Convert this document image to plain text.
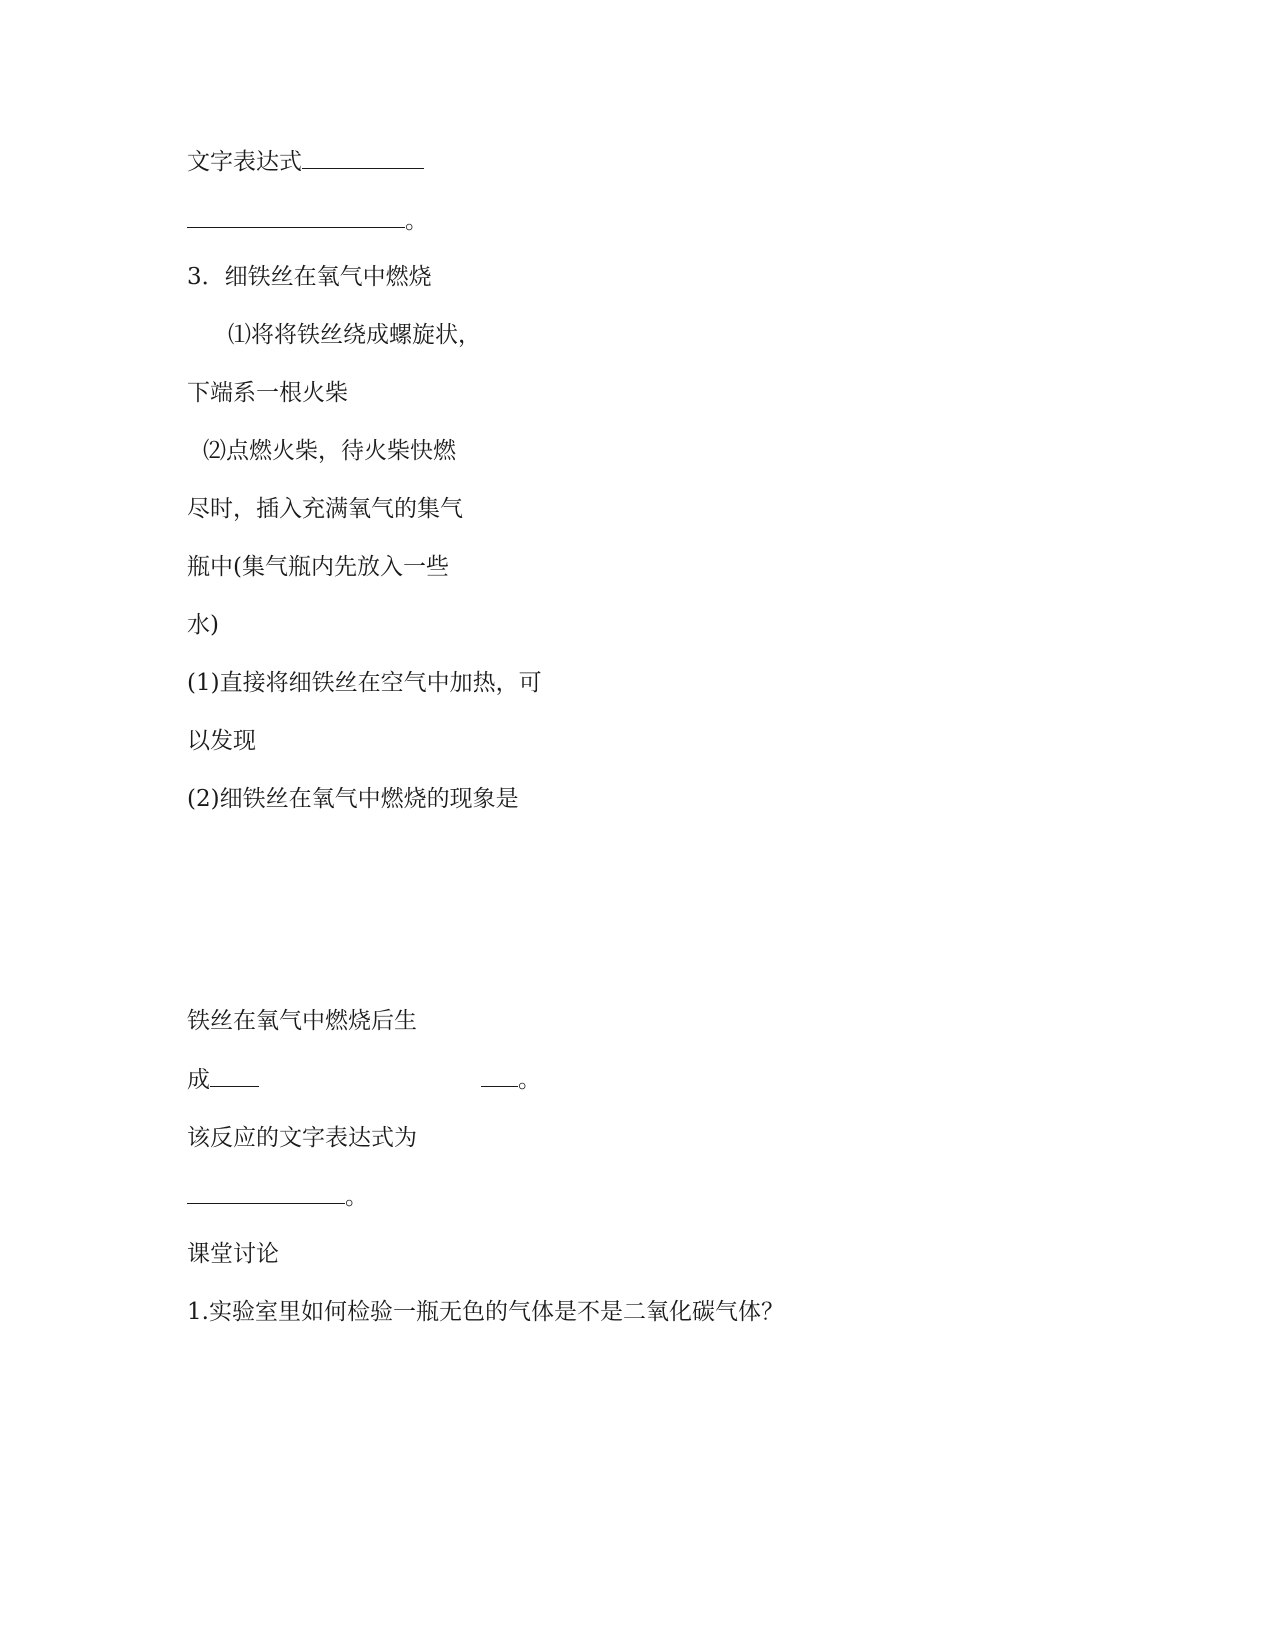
文字表达式
。
3．细铁丝在氧气中燃烧
⑴将将铁丝绕成螺旋状，
下端系一根火柴
⑵点燃火柴，待火柴快燃
尽时，插入充满氧气的集气
瓶中(集气瓶内先放入一些
水)
(1)直接将细铁丝在空气中加热，可
以发现
(2)细铁丝在氧气中燃烧的现象是
铁丝在氧气中燃烧后生
成	。
该反应的文字表达式为
。
课堂讨论
1.实验室里如何检验一瓶无色的气体是不是二氧化碳气体？
